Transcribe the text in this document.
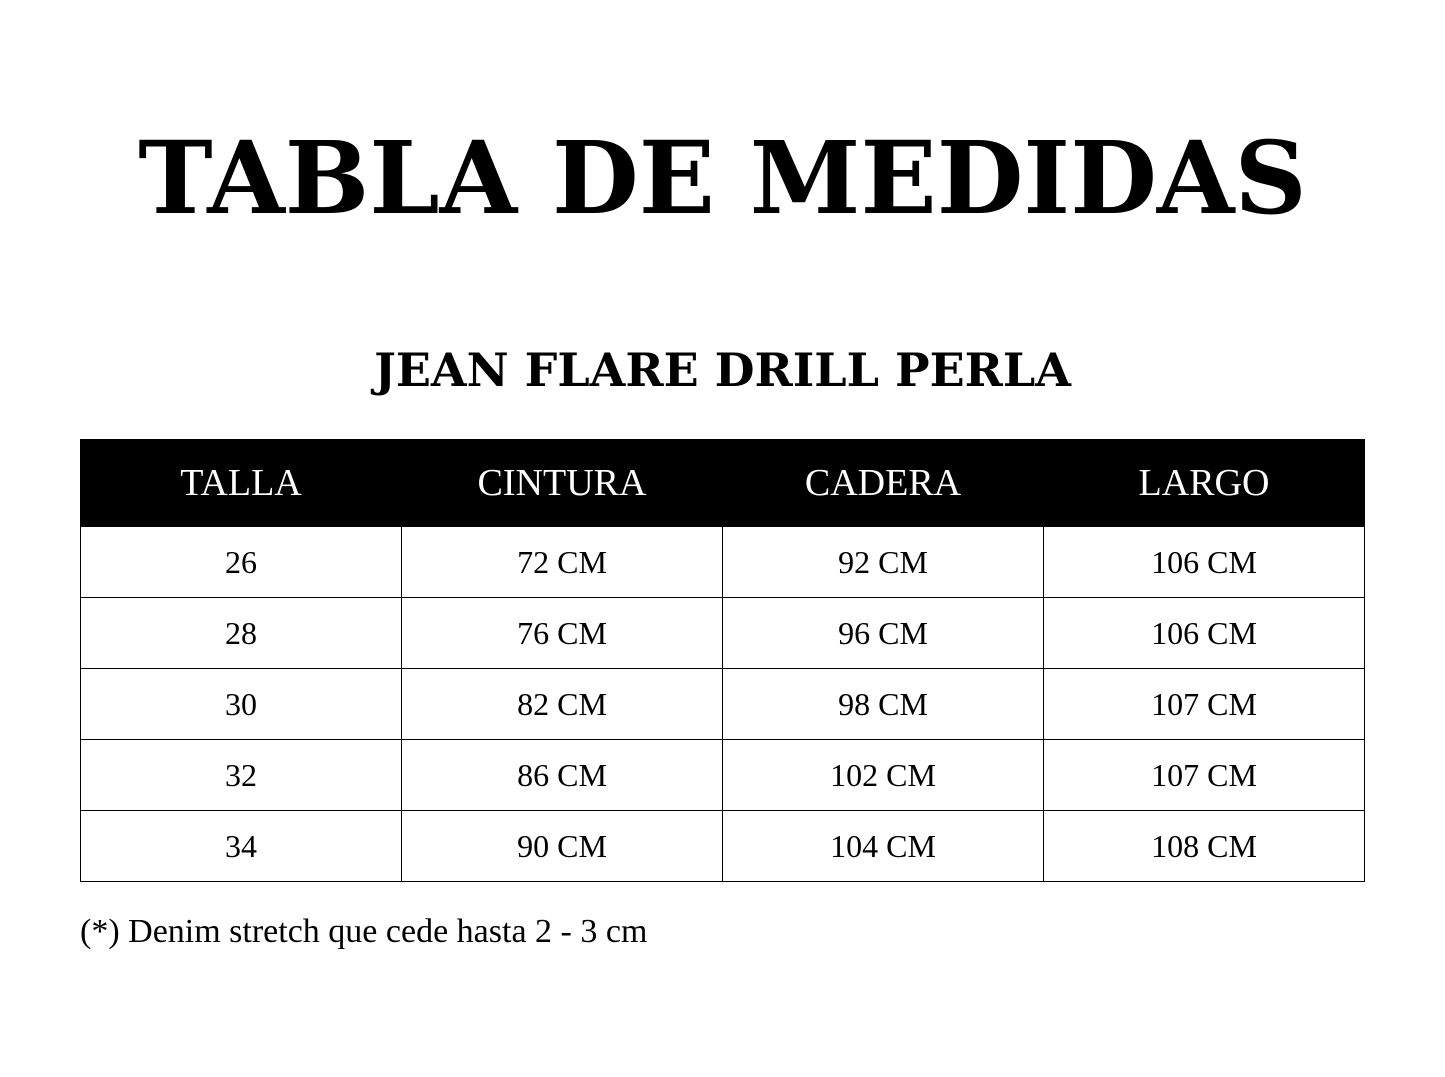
TABLA DE MEDIDAS
JEAN FLARE DRILL PERLA
TALLA	CINTURA	CADERA	LARGO
26	72 CM	92 CM	106 CM
28	76 CM	96 CM	106 CM
30	82 CM	98 CM	107 CM
32	86 CM	102 CM	107 CM
34	90 CM	104 CM	108 CM
(*) Denim stretch que cede hasta 2 - 3 cm
